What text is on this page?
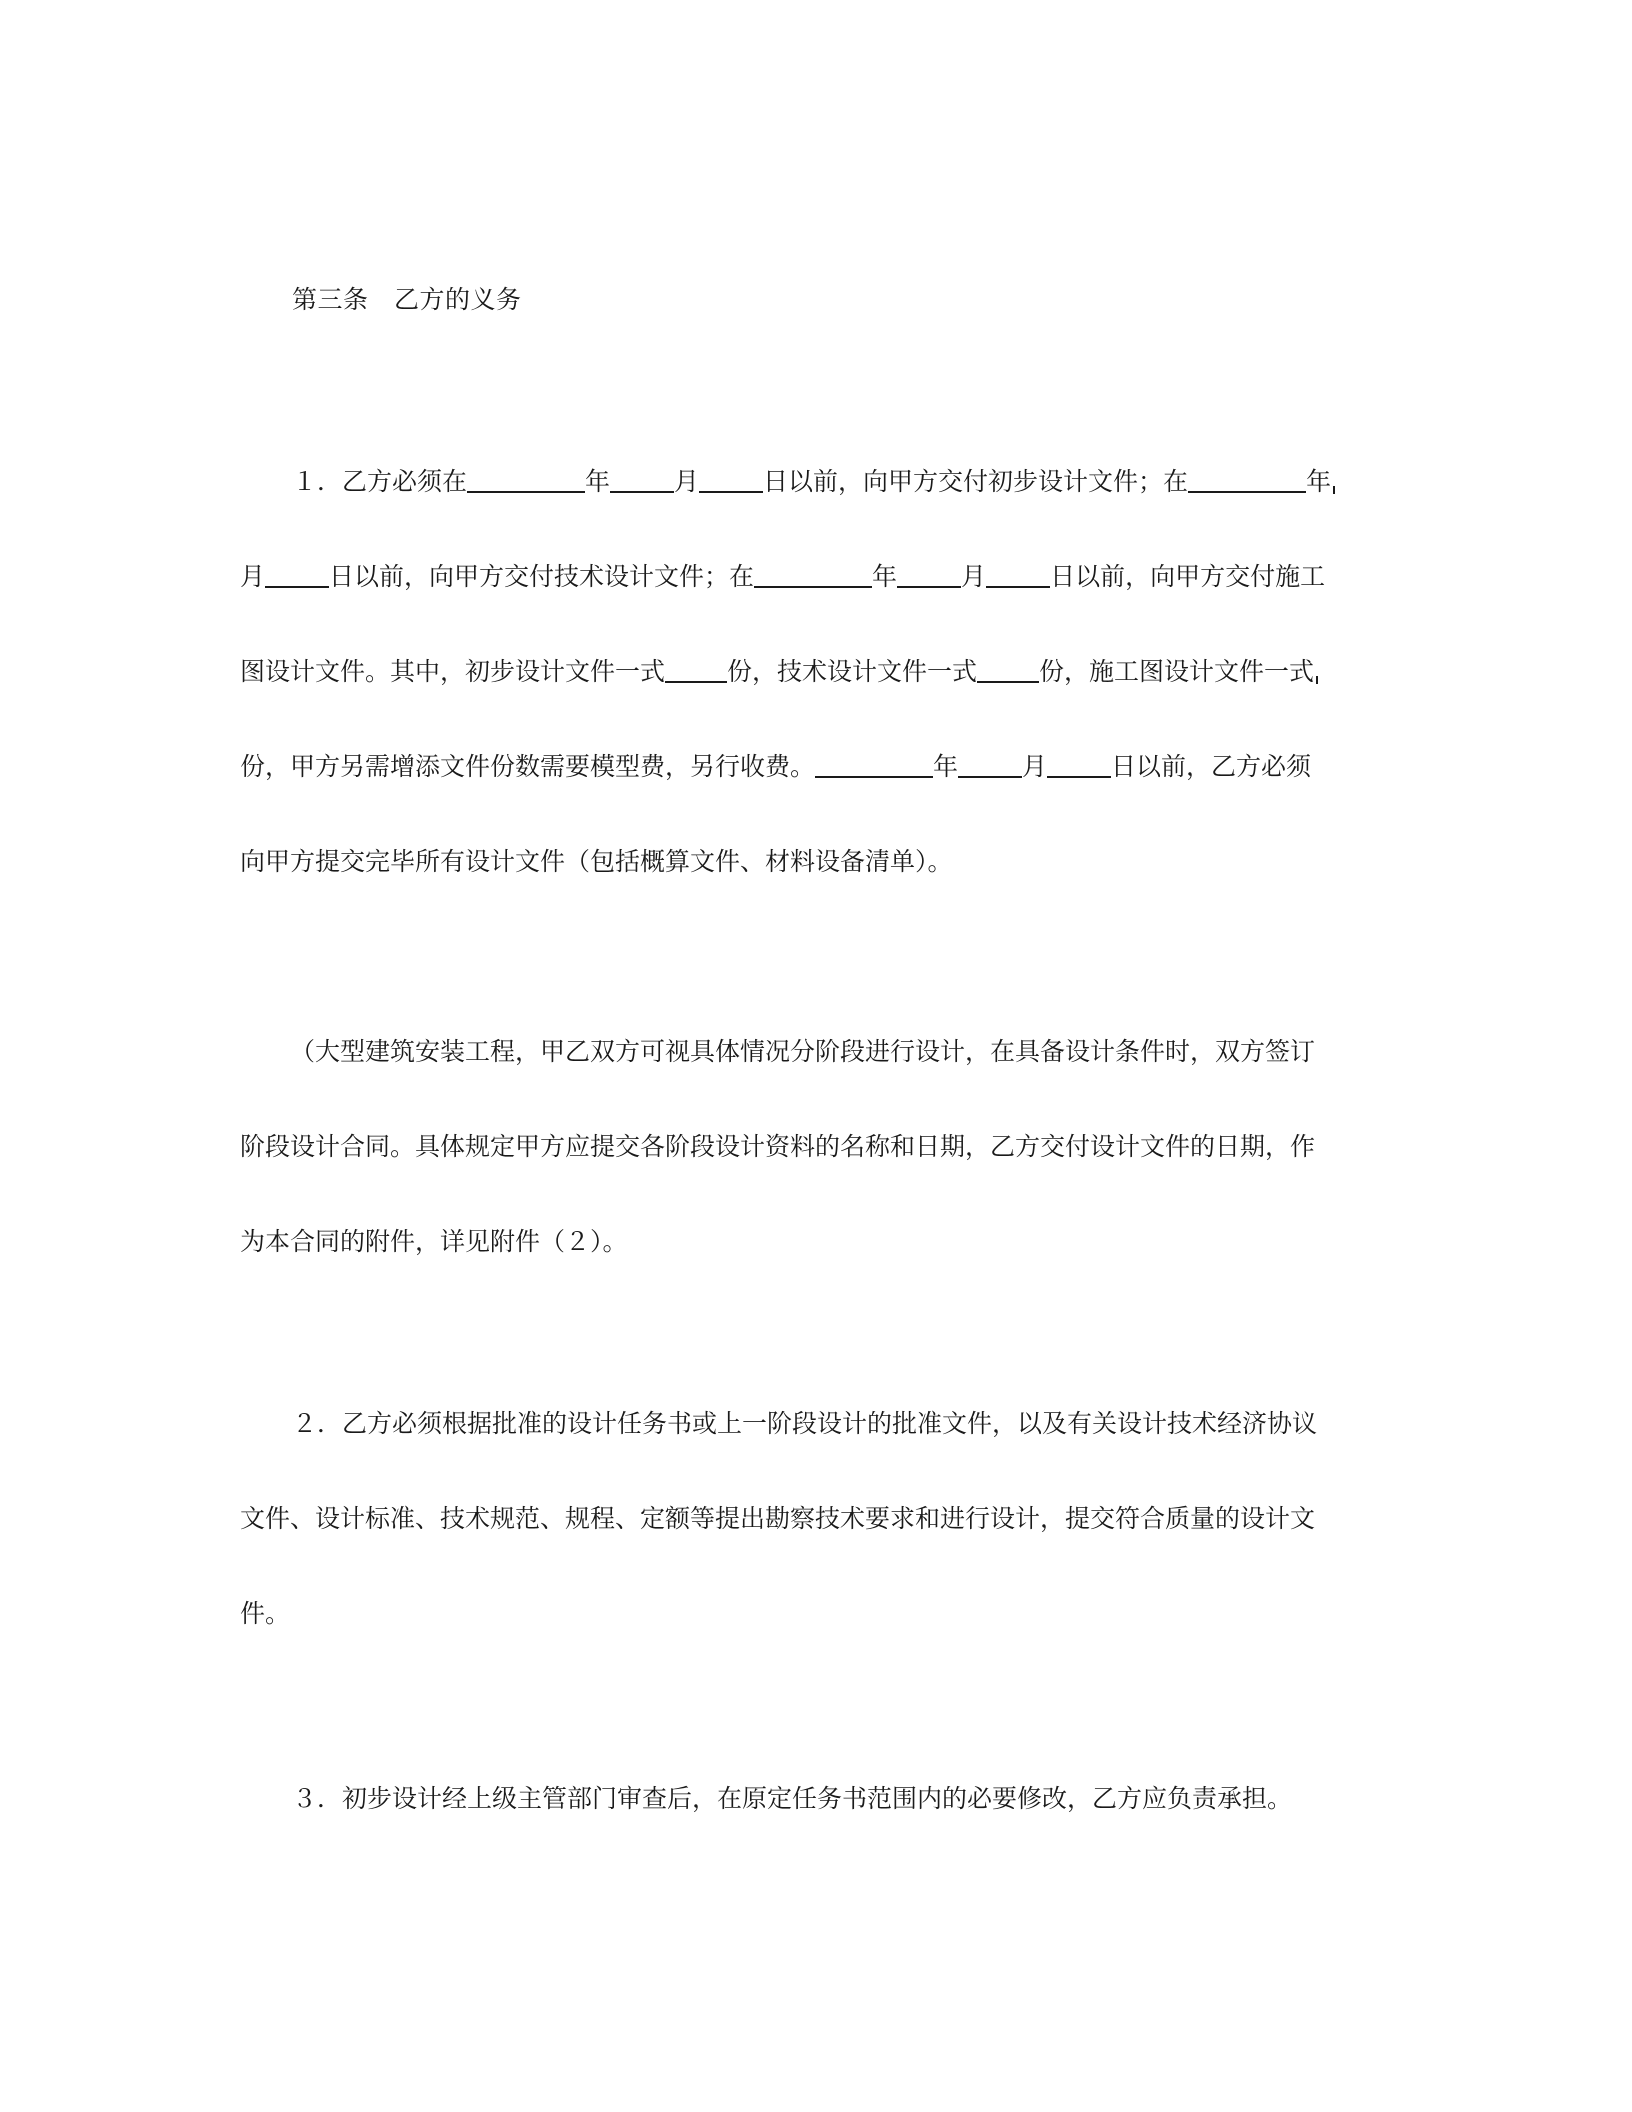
第三条　乙方的义务
１．乙方必须在	年	月	日以前，向甲方交付初步设计文件；在	年
月	日以前，向甲方交付技术设计文件；在	年	月	日以前，向甲方交付施工
图设计文件。其中，初步设计文件一式 份，技术设计文件一式 份，施工图设计文件一式
份，甲方另需增添文件份数需要模型费，另行收费。	年	月	日以前，乙方必须
向甲方提交完毕所有设计文件（包括概算文件、材料设备清单）。
（大型建筑安装工程，甲乙双方可视具体情况分阶段进行设计，在具备设计条件时，双方签订
阶段设计合同。具体规定甲方应提交各阶段设计资料的名称和日期，乙方交付设计文件的日期，作
为本合同的附件，详见附件（２）。
２．乙方必须根据批准的设计任务书或上一阶段设计的批准文件，以及有关设计技术经济协议
文件、设计标准、技术规范、规程、定额等提出勘察技术要求和进行设计，提交符合质量的设计文
件。
３．初步设计经上级主管部门审查后，在原定任务书范围内的必要修改，乙方应负责承担。
